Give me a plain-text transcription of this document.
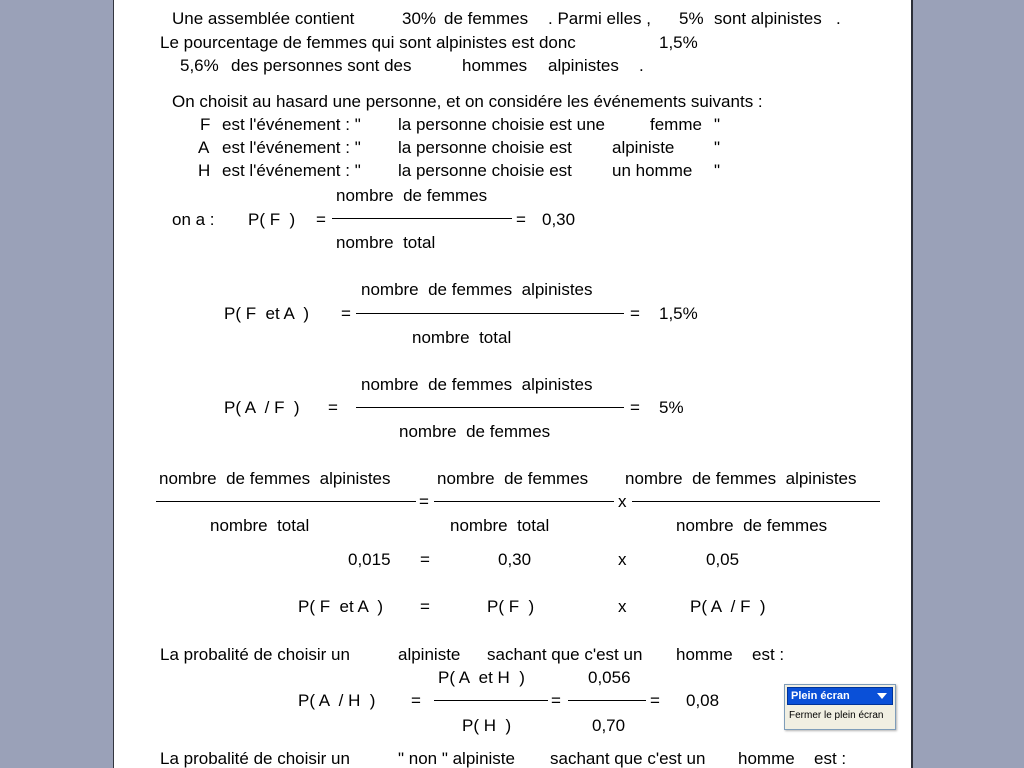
Une assemblée contient	30% de femmes . Parmi elles , 5% sont alpinistes .
Le pourcentage de femmes qui sont alpinistes est donc	1,5%
5,6% des personnes sont des	hommes alpinistes .
On choisit au hasard une personne, et on considére les événements suivants :
F est l'événement : " la personne choisie est une	femme "
A est l'événement : " la personne choisie est alpiniste "
H est l'événement : " la personne choisie est un homme "
on a : P( F  ) =
nombre  de femmes
nombre  total
= 0,30
P( F  et A  ) =
nombre  de femmes  alpinistes
nombre  total
= 1,5%
P( A  / F  ) =
nombre  de femmes  alpinistes
nombre  de femmes
= 5%
nombre  de femmes  alpinistes
nombre  total
=
nombre  de femmes
nombre  total
x
nombre  de femmes  alpinistes
nombre  de femmes
0,015 =	0,30	x	0,05
P( F  et A  ) =	P( F  )	x	P( A  / F  )
La probalité de choisir un	alpiniste sachant que c'est un homme est :
P( A  / H  ) =
P( A  et H  )
P( H  )
=
0,056
0,70
= 0,08
La probalité de choisir un	" non " alpiniste sachant que c'est un homme est :
Plein écran
Fermer le plein écran
